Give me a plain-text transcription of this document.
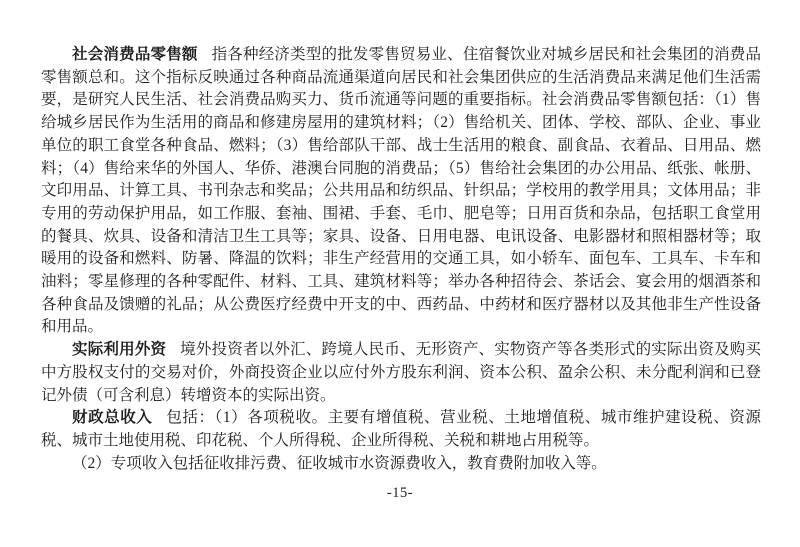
社会消费品零售额 指各种经济类型的批发零售贸易业、住宿餐饮业对城乡居民和社会集团的消费品零售额总和。这个指标反映通过各种商品流通渠道向居民和社会集团供应的生活消费品来满足他们生活需要，是研究人民生活、社会消费品购买力、货币流通等问题的重要指标。社会消费品零售额包括：（1）售给城乡居民作为生活用的商品和修建房屋用的建筑材料；（2）售给机关、团体、学校、部队、企业、事业单位的职工食堂各种食品、燃料；（3）售给部队干部、战士生活用的粮食、副食品、衣着品、日用品、燃料；（4）售给来华的外国人、华侨、港澳台同胞的消费品；（5）售给社会集团的办公用品、纸张、帐册、文印用品、计算工具、书刊杂志和奖品；公共用品和纺织品、针织品；学校用的教学用具；文体用品；非专用的劳动保护用品，如工作服、套袖、围裙、手套、毛巾、肥皂等；日用百货和杂品，包括职工食堂用的餐具、炊具、设备和清洁卫生工具等；家具、设备、日用电器、电讯设备、电影器材和照相器材等；取暖用的设备和燃料、防暑、降温的饮料；非生产经营用的交通工具，如小轿车、面包车、工具车、卡车和油料；零星修理的各种零配件、材料、工具、建筑材料等；举办各种招待会、茶话会、宴会用的烟酒茶和各种食品及馈赠的礼品；从公费医疗经费中开支的中、西药品、中药材和医疗器材以及其他非生产性设备和用品。

实际利用外资 境外投资者以外汇、跨境人民币、无形资产、实物资产等各类形式的实际出资及购买中方股权支付的交易对价，外商投资企业以应付外方股东利润、资本公积、盈余公积、未分配利润和已登记外债（可含利息）转增资本的实际出资。

财政总收入 包括：（1）各项税收。主要有增值税、营业税、土地增值税、城市维护建设税、资源税、城市土地使用税、印花税、个人所得税、企业所得税、关税和耕地占用税等。

（2）专项收入包括征收排污费、征收城市水资源费收入，教育费附加收入等。

-15-
